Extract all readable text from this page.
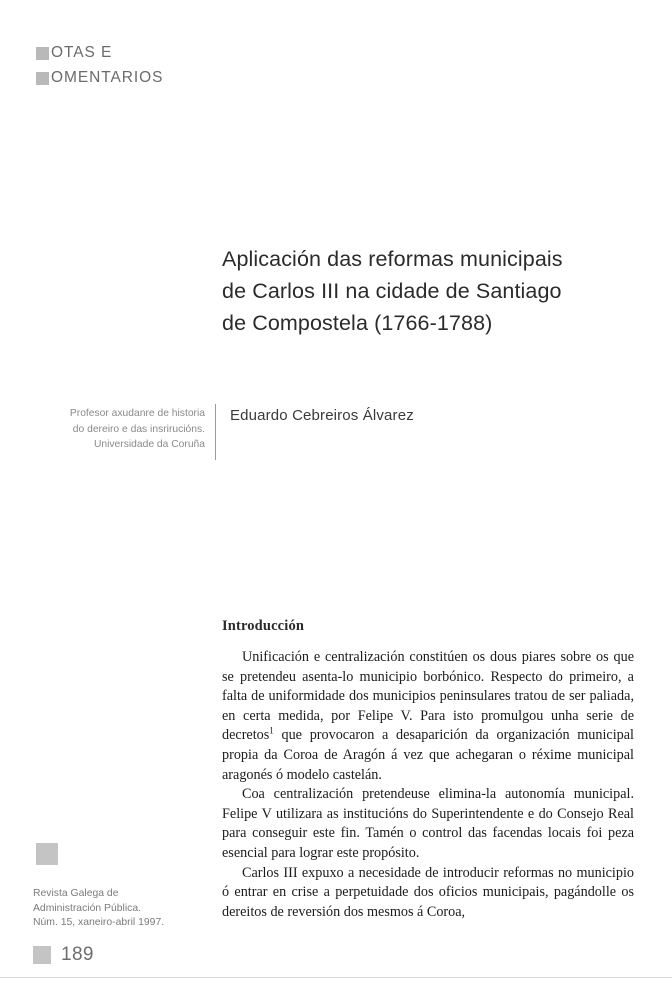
OTAS E
OMENTARIOS
Aplicación das reformas municipais
de Carlos III na cidade de Santiago
de Compostela (1766-1788)
Profesor axudanre de historia
do dereiro e das insrirucións.
Universidade da Coruña
Eduardo Cebreiros Álvarez
Introducción

Unificación e centralización constitúen os dous piares sobre os que se pretendeu asenta-lo municipio borbónico. Respecto do primeiro, a falta de uniformidade dos municipios peninsulares tratou de ser paliada, en certa medida, por Felipe V. Para isto promulgou unha serie de decretos$^1$ que provocaron a desaparición da organización municipal propia da Coroa de Aragón á vez que achegaran o réxime municipal aragonés ó modelo castelán.

Coa centralización pretendeuse elimina-la autonomía municipal. Felipe V utilizara as institucións do Superintendente e do Consejo Real para conseguir este fin. Tamén o control das facendas locais foi peza esencial para lograr este propósito.

Carlos III expuxo a necesidade de introducir reformas no municipio ó entrar en crise a perpetuidade dos oficios municipais, pagándolle os dereitos de reversión dos mesmos á Coroa,

Revista Galega de
Administración Pública.
Núm. 15, xaneiro-abril 1997.
189
